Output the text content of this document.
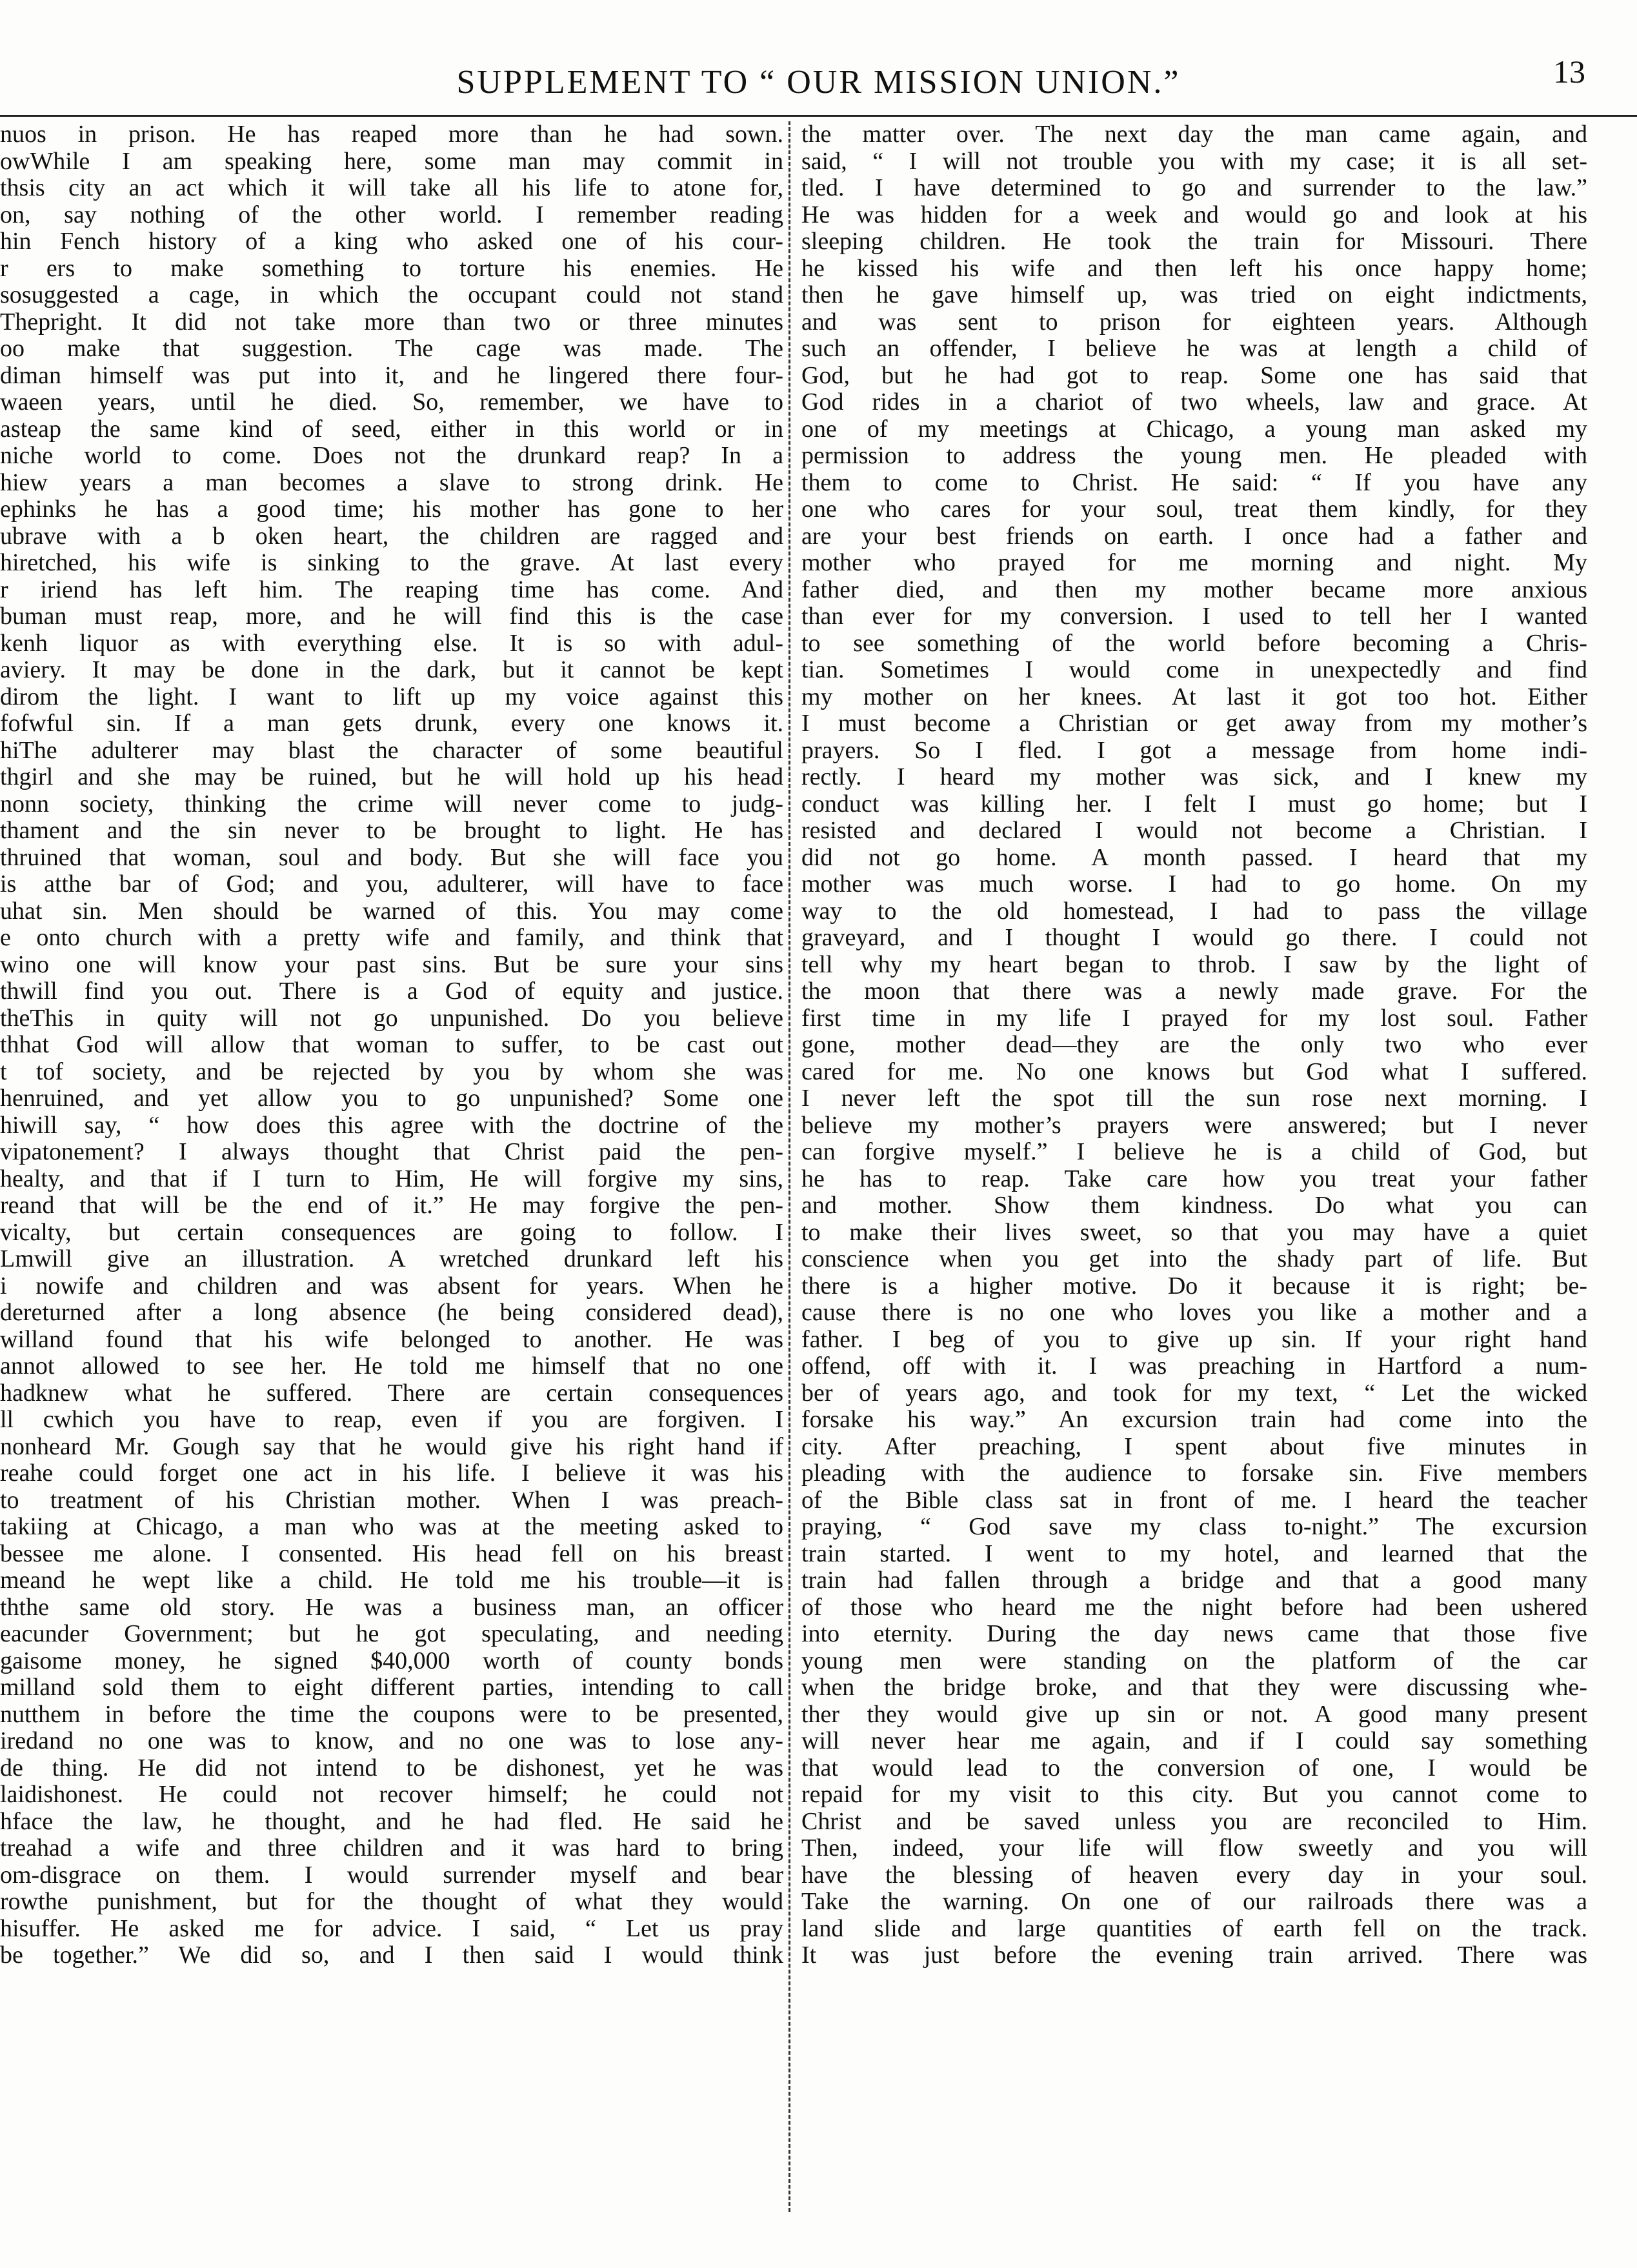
SUPPLEMENT TO “ OUR MISSION UNION.”	13
nuos in prison. He has reaped more than he had sown.
owWhile I am speaking here, some man may commit in
thsis city an act which it will take all his life to atone for,
on, say nothing of the other world. I remember reading
hin Fench history of a king who asked one of his cour-
r ers to make something to torture his enemies. He
sosuggested a cage, in which the occupant could not stand
Thepright. It did not take more than two or three minutes
oo make that suggestion. The cage was made. The
diman himself was put into it, and he lingered there four-
waeen years, until he died. So, remember, we have to
asteap the same kind of seed, either in this world or in
niche world to come. Does not the drunkard reap? In a
hiew years a man becomes a slave to strong drink. He
ephinks he has a good time; his mother has gone to her
ubrave with a b oken heart, the children are ragged and
hiretched, his wife is sinking to the grave. At last every
r iriend has left him. The reaping time has come. And
buman must reap, more, and he will find this is the case
kenh liquor as with everything else. It is so with adul-
aviery. It may be done in the dark, but it cannot be kept
dirom the light. I want to lift up my voice against this
fofwful sin. If a man gets drunk, every one knows it.
hiThe adulterer may blast the character of some beautiful
thgirl and she may be ruined, but he will hold up his head
nonn society, thinking the crime will never come to judg-
thament and the sin never to be brought to light. He has
thruined that woman, soul and body. But she will face you
is atthe bar of God; and you, adulterer, will have to face
uhat sin. Men should be warned of this. You may come
e onto church with a pretty wife and family, and think that
wino one will know your past sins. But be sure your sins
thwill find you out. There is a God of equity and justice.
theThis in quity will not go unpunished. Do you believe
thhat God will allow that woman to suffer, to be cast out
t tof society, and be rejected by you by whom she was
henruined, and yet allow you to go unpunished? Some one
hiwill say, “ how does this agree with the doctrine of the
vipatonement? I always thought that Christ paid the pen-
healty, and that if I turn to Him, He will forgive my sins,
reand that will be the end of it.” He may forgive the pen-
vicalty, but certain consequences are going to follow. I
Lmwill give an illustration. A wretched drunkard left his
i nowife and children and was absent for years. When he
dereturned after a long absence (he being considered dead),
willand found that his wife belonged to another. He was
annot allowed to see her. He told me himself that no one
hadknew what he suffered. There are certain consequences
ll cwhich you have to reap, even if you are forgiven. I
nonheard Mr. Gough say that he would give his right hand if
reahe could forget one act in his life. I believe it was his
to treatment of his Christian mother. When I was preach-
takiing at Chicago, a man who was at the meeting asked to
bessee me alone. I consented. His head fell on his breast
meand he wept like a child. He told me his trouble—it is
ththe same old story. He was a business man, an officer
eacunder Government; but he got speculating, and needing
gaisome money, he signed $40,000 worth of county bonds
milland sold them to eight different parties, intending to call
nutthem in before the time the coupons were to be presented,
iredand no one was to know, and no one was to lose any-
de thing. He did not intend to be dishonest, yet he was
laidishonest. He could not recover himself; he could not
hface the law, he thought, and he had fled. He said he
treahad a wife and three children and it was hard to bring
om-disgrace on them. I would surrender myself and bear
rowthe punishment, but for the thought of what they would
hisuffer. He asked me for advice. I said, “ Let us pray
be together.” We did so, and I then said I would think
the matter over. The next day the man came again, and
said, “ I will not trouble you with my case; it is all set-
tled. I have determined to go and surrender to the law.”
He was hidden for a week and would go and look at his
sleeping children. He took the train for Missouri. There
he kissed his wife and then left his once happy home;
then he gave himself up, was tried on eight indictments,
and was sent to prison for eighteen years. Although
such an offender, I believe he was at length a child of
God, but he had got to reap. Some one has said that
God rides in a chariot of two wheels, law and grace. At
one of my meetings at Chicago, a young man asked my
permission to address the young men. He pleaded with
them to come to Christ. He said: “ If you have any
one who cares for your soul, treat them kindly, for they
are your best friends on earth. I once had a father and
mother who prayed for me morning and night. My
father died, and then my mother became more anxious
than ever for my conversion. I used to tell her I wanted
to see something of the world before becoming a Chris-
tian. Sometimes I would come in unexpectedly and find
my mother on her knees. At last it got too hot. Either
I must become a Christian or get away from my mother’s
prayers. So I fled. I got a message from home indi-
rectly. I heard my mother was sick, and I knew my
conduct was killing her. I felt I must go home; but I
resisted and declared I would not become a Christian. I
did not go home. A month passed. I heard that my
mother was much worse. I had to go home. On my
way to the old homestead, I had to pass the village
graveyard, and I thought I would go there. I could not
tell why my heart began to throb. I saw by the light of
the moon that there was a newly made grave. For the
first time in my life I prayed for my lost soul. Father
gone, mother dead—they are the only two who ever
cared for me. No one knows but God what I suffered.
I never left the spot till the sun rose next morning. I
believe my mother’s prayers were answered; but I never
can forgive myself.” I believe he is a child of God, but
he has to reap. Take care how you treat your father
and mother. Show them kindness. Do what you can
to make their lives sweet, so that you may have a quiet
conscience when you get into the shady part of life. But
there is a higher motive. Do it because it is right; be-
cause there is no one who loves you like a mother and a
father. I beg of you to give up sin. If your right hand
offend, off with it. I was preaching in Hartford a num-
ber of years ago, and took for my text, “ Let the wicked
forsake his way.” An excursion train had come into the
city. After preaching, I spent about five minutes in
pleading with the audience to forsake sin. Five members
of the Bible class sat in front of me. I heard the teacher
praying, “ God save my class to-night.” The excursion
train started. I went to my hotel, and learned that the
train had fallen through a bridge and that a good many
of those who heard me the night before had been ushered
into eternity. During the day news came that those five
young men were standing on the platform of the car
when the bridge broke, and that they were discussing whe-
ther they would give up sin or not. A good many present
will never hear me again, and if I could say something
that would lead to the conversion of one, I would be
repaid for my visit to this city. But you cannot come to
Christ and be saved unless you are reconciled to Him.
Then, indeed, your life will flow sweetly and you will
have the blessing of heaven every day in your soul.
Take the warning. On one of our railroads there was a
land slide and large quantities of earth fell on the track.
It was just before the evening train arrived. There was
